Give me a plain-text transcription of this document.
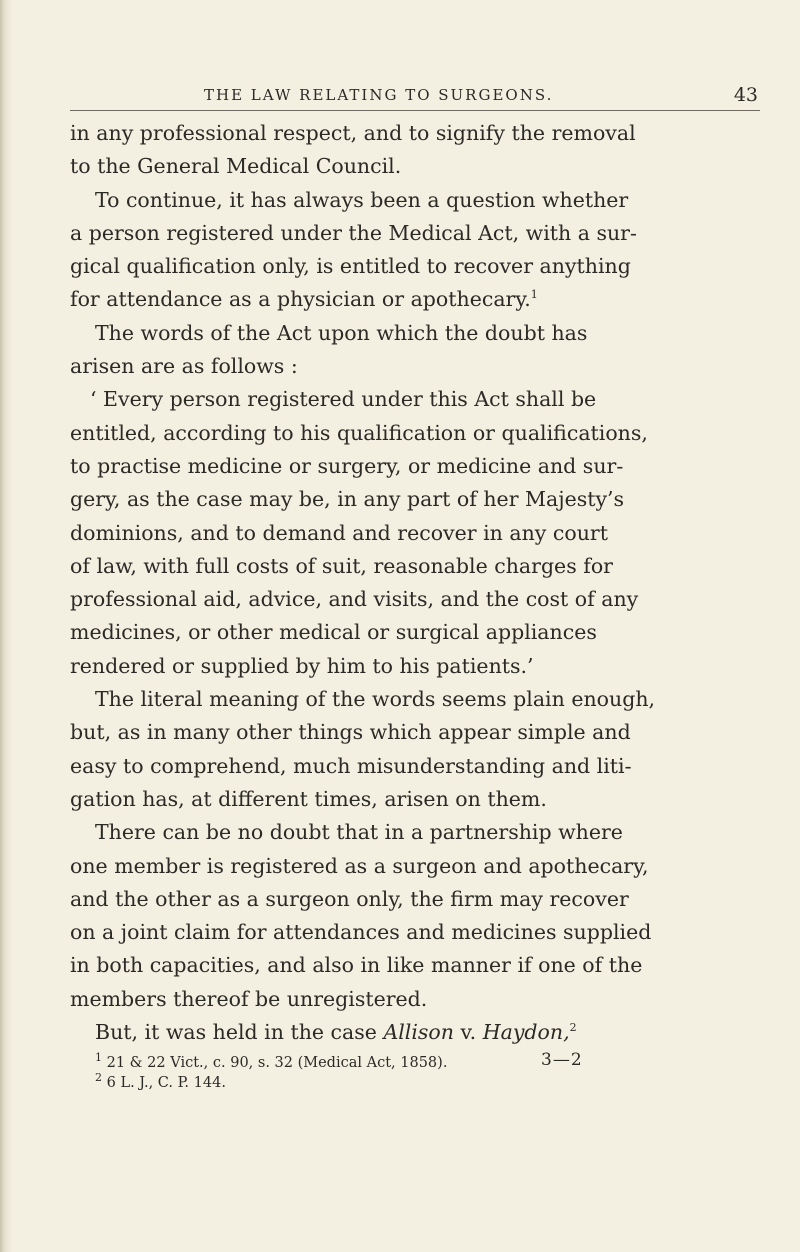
THE LAW RELATING TO SURGEONS.	43
in any professional respect, and to signify the removal
to the General Medical Council.
To continue, it has always been a question whether
a person registered under the Medical Act, with a sur-
gical qualification only, is entitled to recover anything
for attendance as a physician or apothecary.$^1$
The words of the Act upon which the doubt has
arisen are as follows :
‘ Every person registered under this Act shall be
entitled, according to his qualification or qualifications,
to practise medicine or surgery, or medicine and sur-
gery, as the case may be, in any part of her Majesty’s
dominions, and to demand and recover in any court
of law, with full costs of suit, reasonable charges for
professional aid, advice, and visits, and the cost of any
medicines, or other medical or surgical appliances
rendered or supplied by him to his patients.’
The literal meaning of the words seems plain enough,
but, as in many other things which appear simple and
easy to comprehend, much misunderstanding and liti-
gation has, at different times, arisen on them.
There can be no doubt that in a partnership where
one member is registered as a surgeon and apothecary,
and the other as a surgeon only, the firm may recover
on a joint claim for attendances and medicines supplied
in both capacities, and also in like manner if one of the
members thereof be unregistered.
But, it was held in the case Allison v. Haydon,$^2$
$^1$ 21 & 22 Vict., c. 90, s. 32 (Medical Act, 1858).
$^2$ 6 L. J., C. P. 144.
3—2
